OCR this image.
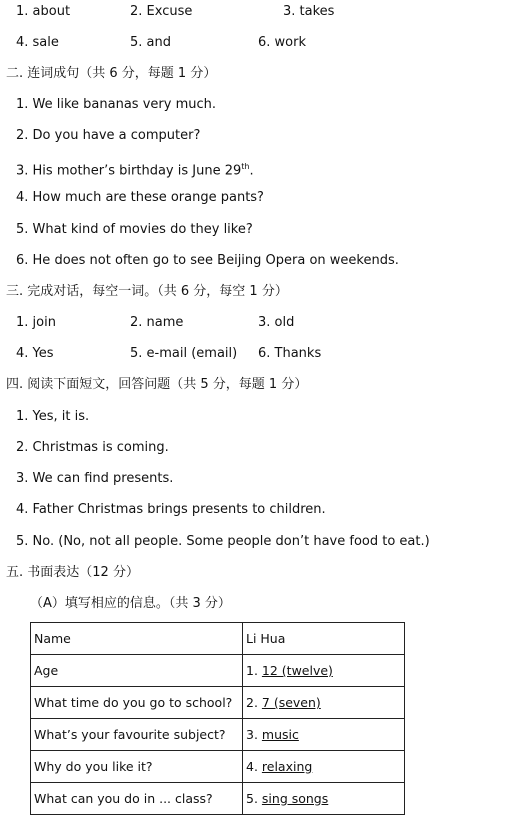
1. about	2. Excuse	3. takes
4. sale	5. and	6. work
二. 连词成句（共 6 分，每题 1 分）
1. We like bananas very much.
2. Do you have a computer?
3. His mother’s birthday is June 29th.
4. How much are these orange pants?
5. What kind of movies do they like?
6. He does not often go to see Beijing Opera on weekends.
三. 完成对话，每空一词。（共 6 分，每空 1 分）
1. join	2. name	3. old
4. Yes	5. e-mail (email) 6. Thanks
四. 阅读下面短文，回答问题（共 5 分，每题 1 分）
1. Yes, it is.
2. Christmas is coming.
3. We can find presents.
4. Father Christmas brings presents to children.
5. No. (No, not all people. Some people don’t have food to eat.)
五. 书面表达（12 分）
（A）填写相应的信息。（共 3 分）
Name	Li Hua
Age	1. 12 (twelve)
What time do you go to school?	2. 7 (seven)
What’s your favourite subject?	3. music
Why do you like it?	4. relaxing
What can you do in ... class?	5. sing songs
